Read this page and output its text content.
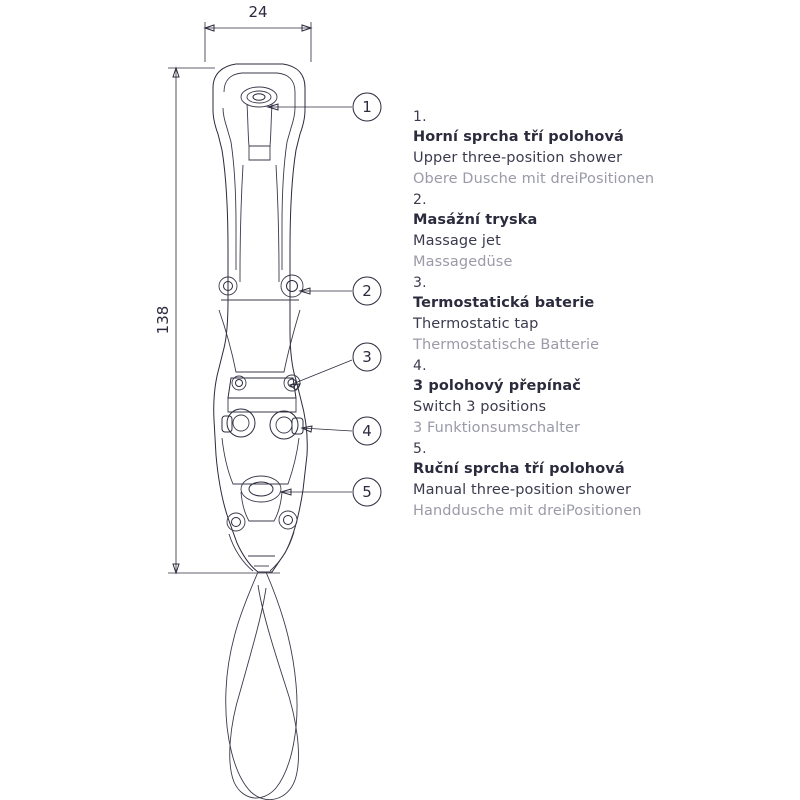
24
138
1
2
3
4
5
1.
Horní sprcha tří polohová
Upper three-position shower
Obere Dusche mit dreiPositionen
2.
Masážní tryska
Massage jet
Massagedüse
3.
Termostatická baterie
Thermostatic tap
Thermostatische Batterie
4.
3 polohový přepínač
Switch 3 positions
3 Funktionsumschalter
5.
Ruční sprcha tří polohová
Manual three-position shower
Handdusche mit dreiPositionen
